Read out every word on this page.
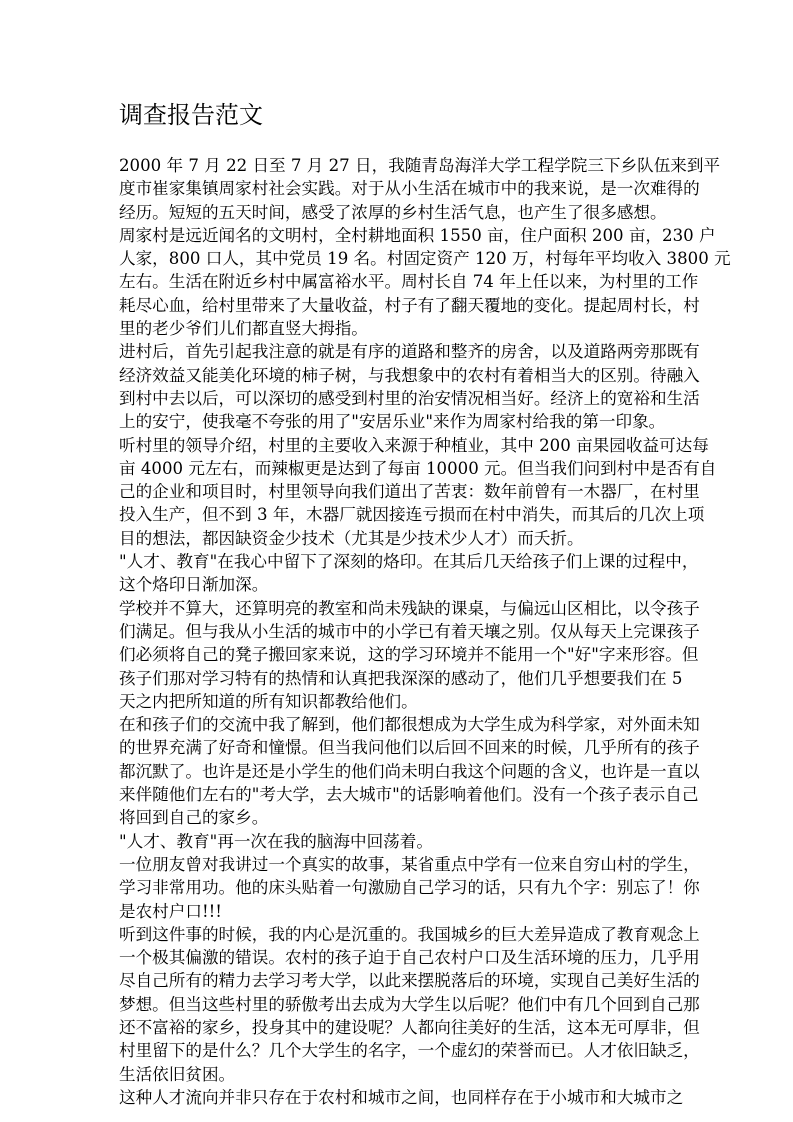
调查报告范文
2000 年 7 月 22 日至 7 月 27 日，我随青岛海洋大学工程学院三下乡队伍来到平
度市崔家集镇周家村社会实践。对于从小生活在城市中的我来说，是一次难得的
经历。短短的五天时间，感受了浓厚的乡村生活气息，也产生了很多感想。
周家村是远近闻名的文明村，全村耕地面积 1550 亩，住户面积 200 亩，230 户
人家，800 口人，其中党员 19 名。村固定资产 120 万，村每年平均收入 3800 元
左右。生活在附近乡村中属富裕水平。周村长自 74 年上任以来，为村里的工作
耗尽心血，给村里带来了大量收益，村子有了翻天覆地的变化。提起周村长，村
里的老少爷们儿们都直竖大拇指。
进村后，首先引起我注意的就是有序的道路和整齐的房舍，以及道路两旁那既有
经济效益又能美化环境的柿子树，与我想象中的农村有着相当大的区别。待融入
到村中去以后，可以深切的感受到村里的治安情况相当好。经济上的宽裕和生活
上的安宁，使我毫不夸张的用了"安居乐业"来作为周家村给我的第一印象。
听村里的领导介绍，村里的主要收入来源于种植业，其中 200 亩果园收益可达每
亩 4000 元左右，而辣椒更是达到了每亩 10000 元。但当我们问到村中是否有自
己的企业和项目时，村里领导向我们道出了苦衷：数年前曾有一木器厂，在村里
投入生产，但不到 3 年，木器厂就因接连亏损而在村中消失，而其后的几次上项
目的想法，都因缺资金少技术（尤其是少技术少人才）而夭折。
"人才、教育"在我心中留下了深刻的烙印。在其后几天给孩子们上课的过程中，
这个烙印日渐加深。
学校并不算大，还算明亮的教室和尚未残缺的课桌，与偏远山区相比，以令孩子
们满足。但与我从小生活的城市中的小学已有着天壤之别。仅从每天上完课孩子
们必须将自己的凳子搬回家来说，这的学习环境并不能用一个"好"字来形容。但
孩子们那对学习特有的热情和认真把我深深的感动了，他们几乎想要我们在 5
天之内把所知道的所有知识都教给他们。
在和孩子们的交流中我了解到，他们都很想成为大学生成为科学家，对外面未知
的世界充满了好奇和憧憬。但当我问他们以后回不回来的时候，几乎所有的孩子
都沉默了。也许是还是小学生的他们尚未明白我这个问题的含义，也许是一直以
来伴随他们左右的"考大学，去大城市"的话影响着他们。没有一个孩子表示自己
将回到自己的家乡。
"人才、教育"再一次在我的脑海中回荡着。
一位朋友曾对我讲过一个真实的故事，某省重点中学有一位来自穷山村的学生，
学习非常用功。他的床头贴着一句激励自己学习的话，只有九个字：别忘了！你
是农村户口!!!
听到这件事的时候，我的内心是沉重的。我国城乡的巨大差异造成了教育观念上
一个极其偏激的错误。农村的孩子迫于自己农村户口及生活环境的压力，几乎用
尽自己所有的精力去学习考大学，以此来摆脱落后的环境，实现自己美好生活的
梦想。但当这些村里的骄傲考出去成为大学生以后呢？他们中有几个回到自己那
还不富裕的家乡，投身其中的建设呢？人都向往美好的生活，这本无可厚非，但
村里留下的是什么？几个大学生的名字，一个虚幻的荣誉而已。人才依旧缺乏，
生活依旧贫困。
这种人才流向并非只存在于农村和城市之间，也同样存在于小城市和大城市之
